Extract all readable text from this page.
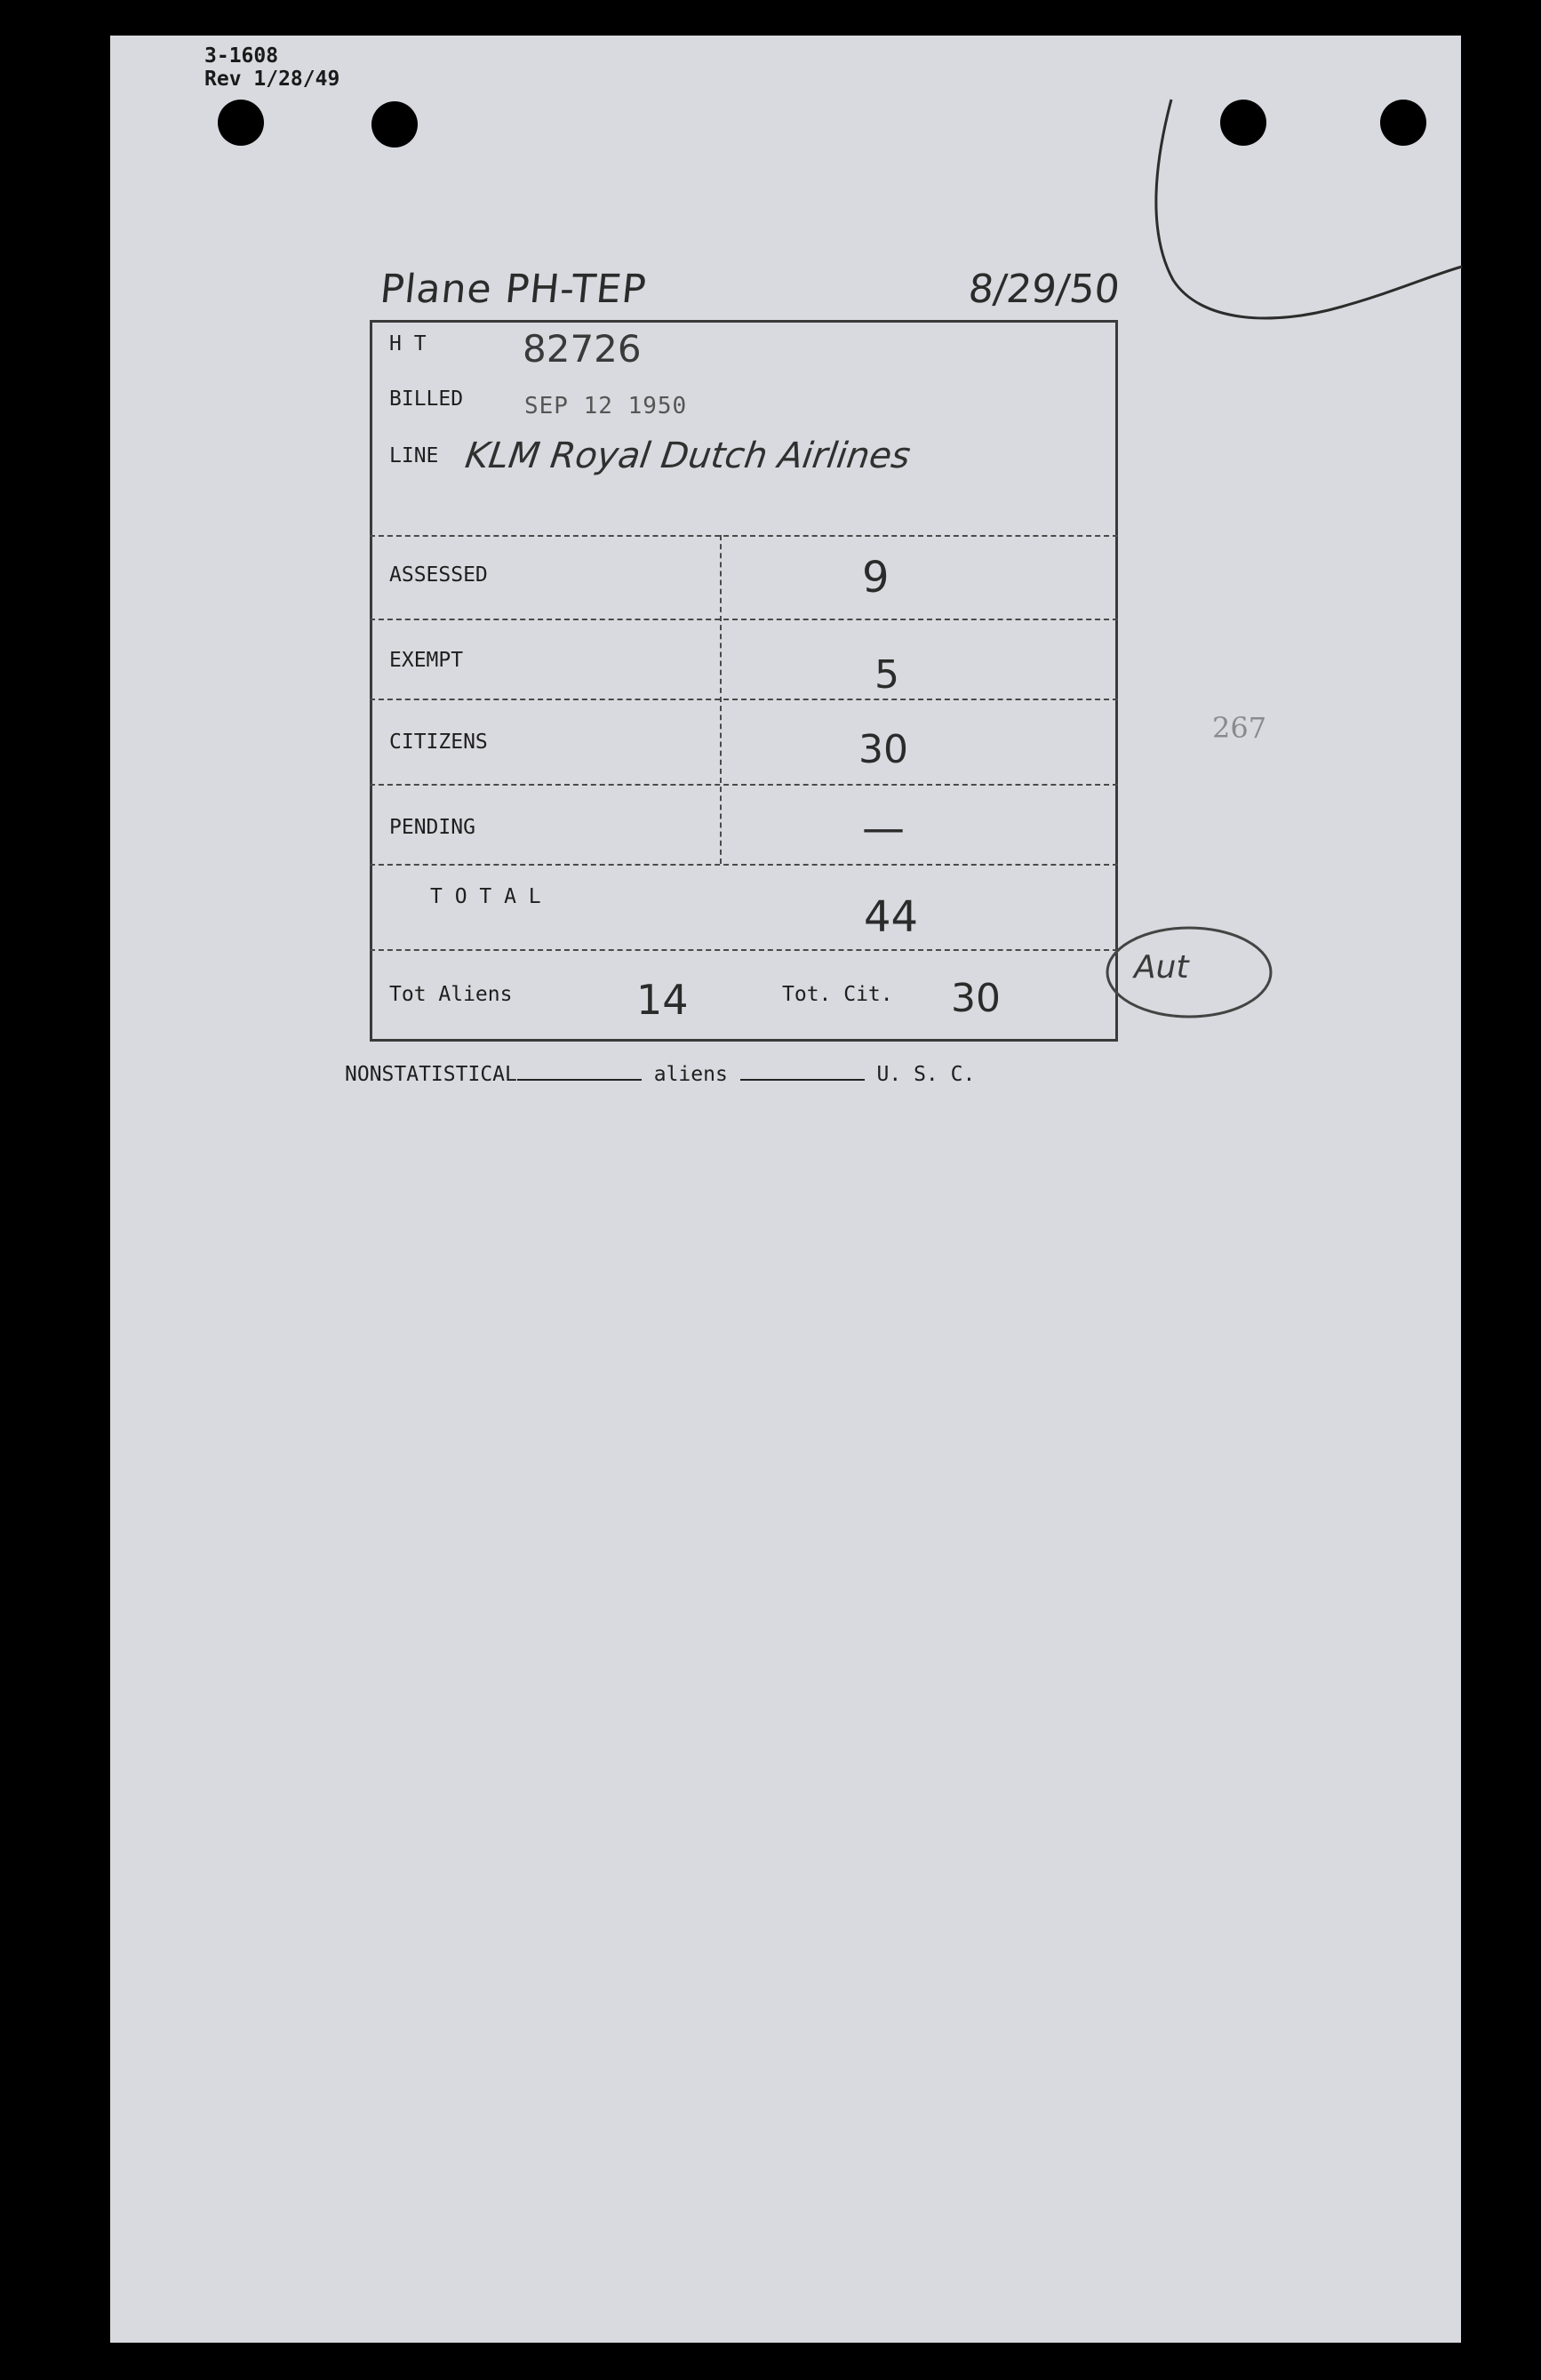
3-1608
Rev 1/28/49
Plane PH-TEP	8/29/50
H T	82726
BILLED	SEP 12 1950
LINE KLM Royal Dutch Airlines
ASSESSED	9
EXEMPT	5
CITIZENS	30
PENDING	—
T O T A L	44
Tot Aliens	14	Tot. Cit. 30
Aut
267
NONSTATISTICAL	aliens	U. S. C.
